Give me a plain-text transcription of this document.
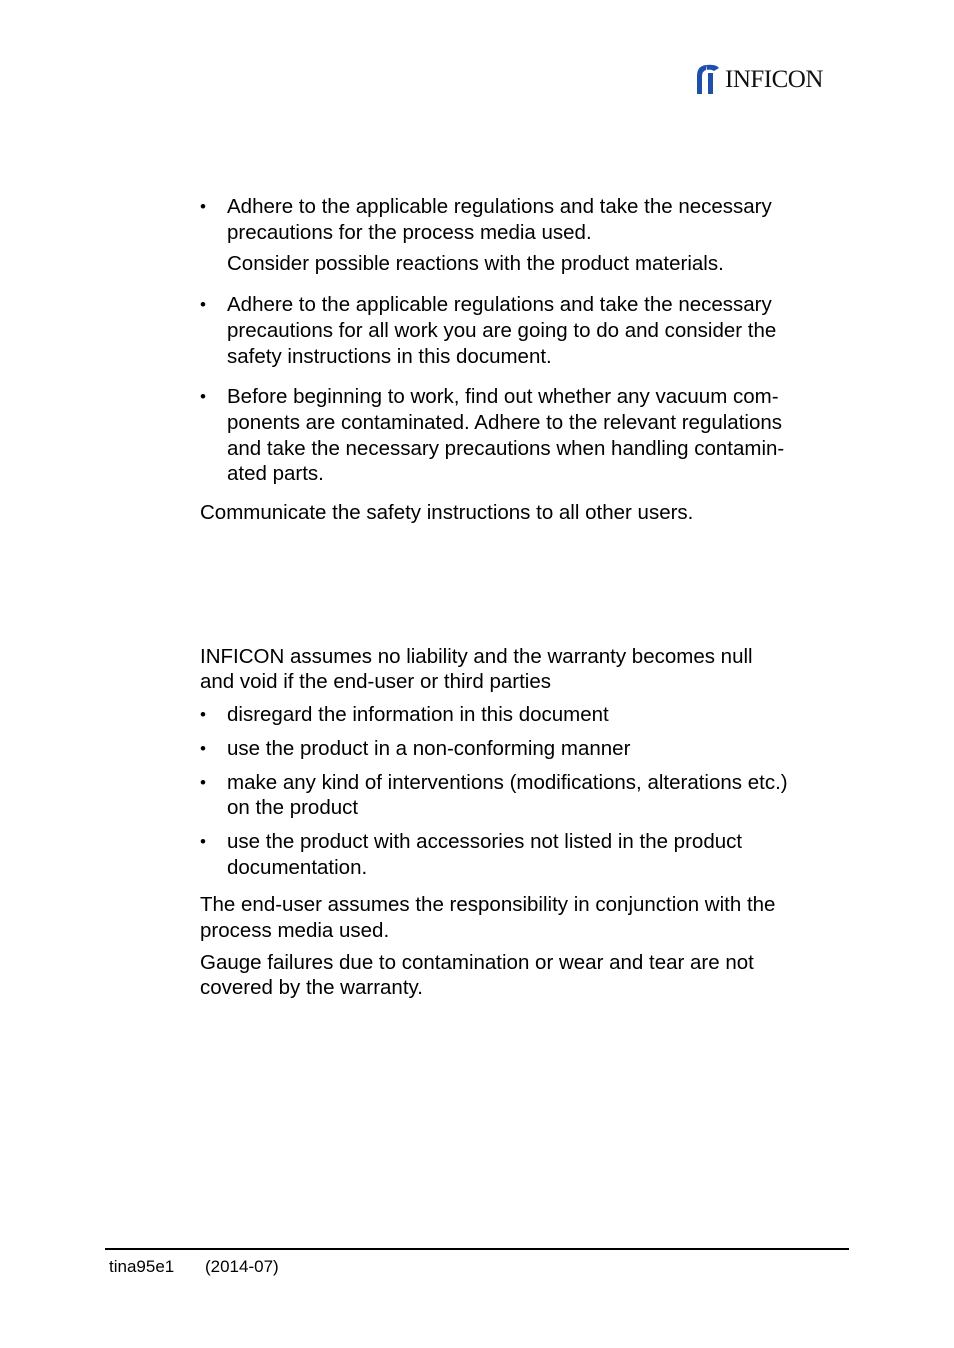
INFICON

• Adhere to the applicable regulations and take the necessary
precautions for the process media used.

Consider possible reactions with the product materials.

• Adhere to the applicable regulations and take the necessary
precautions for all work you are going to do and consider the
safety instructions in this document.

• Before beginning to work, find out whether any vacuum com-
ponents are contaminated. Adhere to the relevant regulations
and take the necessary precautions when handling contamin-
ated parts.

Communicate the safety instructions to all other users.

INFICON assumes no liability and the warranty becomes null
and void if the end-user or third parties

• disregard the information in this document
• use the product in a non-conforming manner
• make any kind of interventions (modifications, alterations etc.)
on the product
• use the product with accessories not listed in the product
documentation.

The end-user assumes the responsibility in conjunction with the
process media used.

Gauge failures due to contamination or wear and tear are not
covered by the warranty.

tina95e1 (2014-07)
